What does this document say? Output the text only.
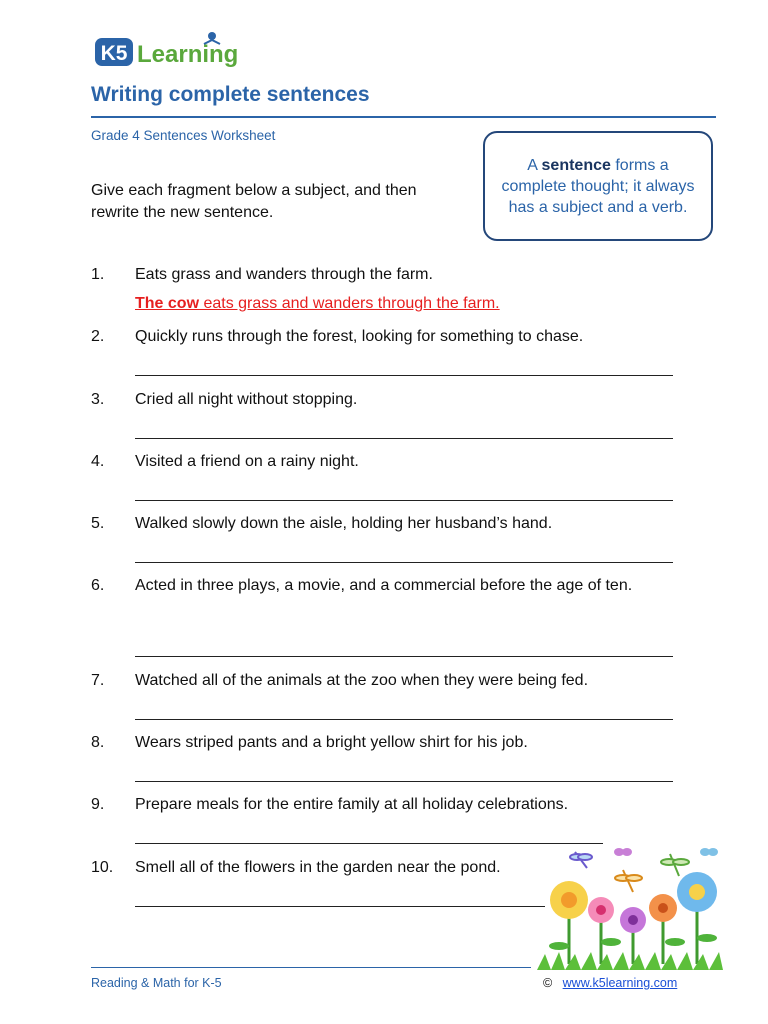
K5 Learning
Writing complete sentences
Grade 4 Sentences Worksheet
Give each fragment below a subject, and then rewrite the new sentence.
A sentence forms a complete thought; it always has a subject and a verb.
1. Eats grass and wanders through the farm.
The cow eats grass and wanders through the farm.
2. Quickly runs through the forest, looking for something to chase.
3. Cried all night without stopping.
4. Visited a friend on a rainy night.
5. Walked slowly down the aisle, holding her husband’s hand.
6. Acted in three plays, a movie, and a commercial before the age of ten.
7. Watched all of the animals at the zoo when they were being fed.
8. Wears striped pants and a bright yellow shirt for his job.
9. Prepare meals for the entire family at all holiday celebrations.
10. Smell all of the flowers in the garden near the pond.
Reading & Math for K-5	© www.k5learning.com
